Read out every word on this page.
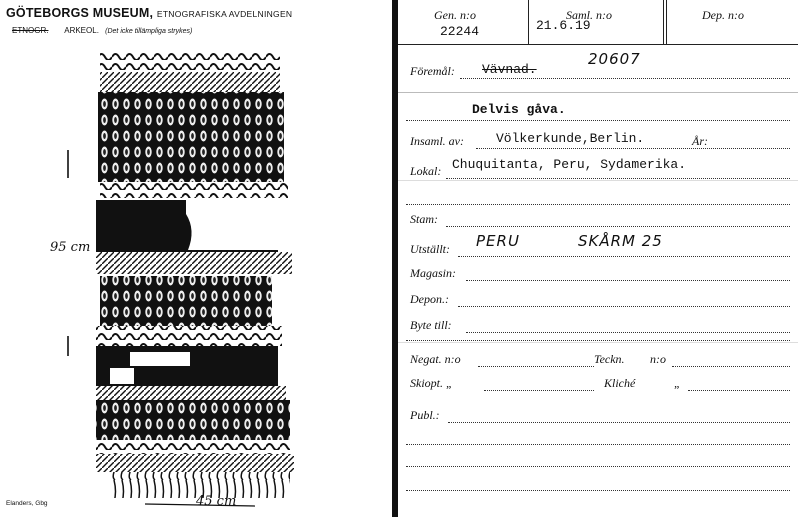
GÖTEBORGS MUSEUM, ETNOGRAFISKA AVDELNINGEN
ETNOGR. ARKEOL. (Det icke tillämpliga strykes)
95 cm
45 cm
Elanders, Gbg
Gen. n:o
22244
Saml. n:o
21.6.19
Dep. n:o
Föremål: Vävnad.
20607
Delvis gåva.
Insaml. av: Völkerkunde,Berlin.	År:
Lokal: Chuquitanta, Peru, Sydamerika.
Stam:
Utställt: PERU	SKÅRM 25
Magasin:
Depon.:
Byte till:
Negat. n:o	Teckn. n:o
Skiopt. „	Kliché	„
Publ.:
